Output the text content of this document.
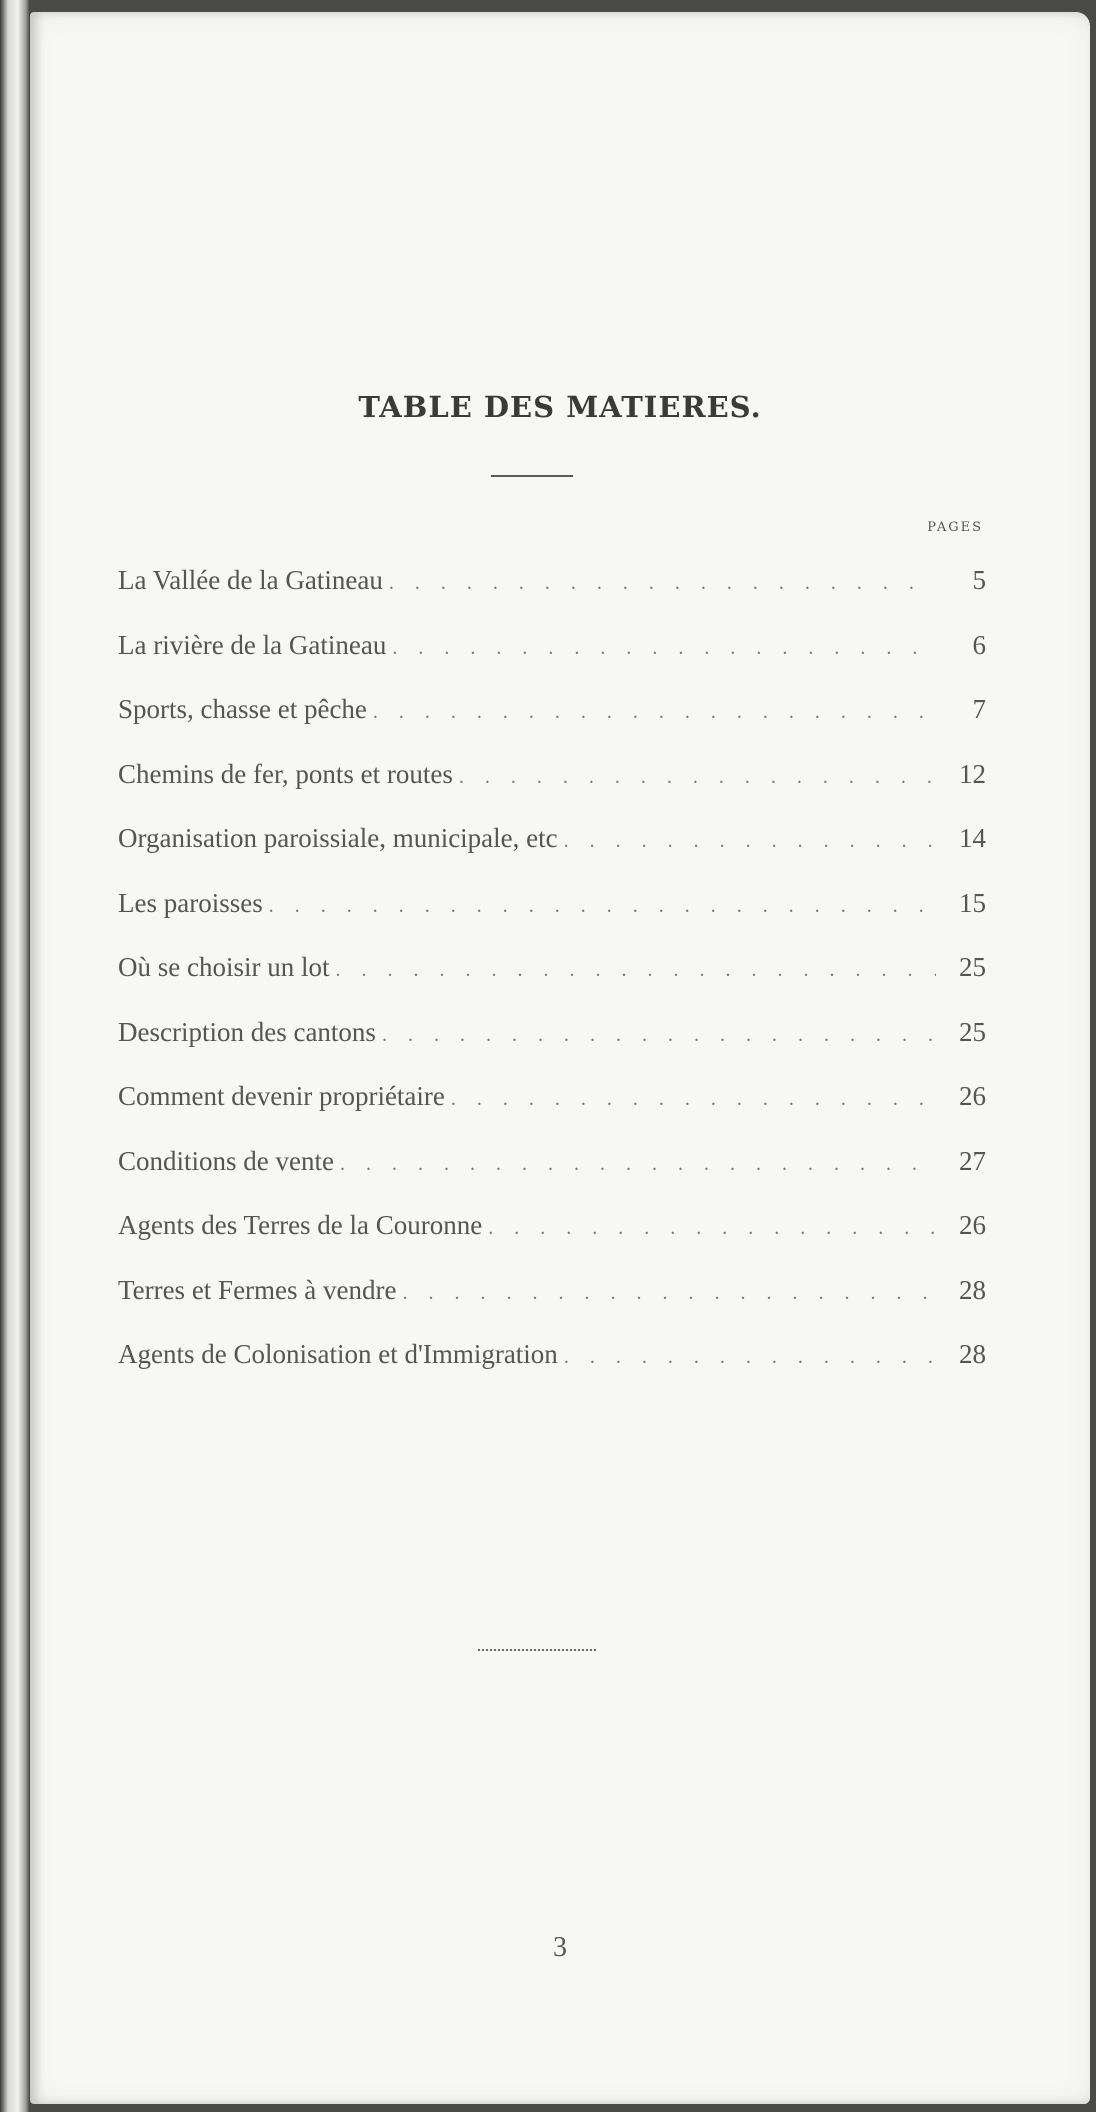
TABLE DES MATIERES.
PAGES
La Vallée de la Gatineau . . .	5
La rivière de la Gatineau . . .	6
Sports, chasse et pêche . . .	7
Chemins de fer, ponts et routes . . .	12
Organisation paroissiale, municipale, etc . . .	14
Les paroisses . . .	15
Où se choisir un lot . . .	25
Description des cantons . . .	25
Comment devenir propriétaire . . .	26
Conditions de vente . . .	27
Agents des Terres de la Couronne . . .	26
Terres et Fermes à vendre . . .	28
Agents de Colonisation et d'Immigration . . .	28
3
